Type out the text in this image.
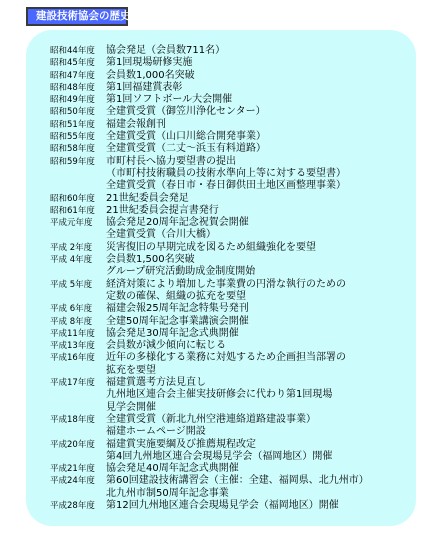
建設技術協会の歴史
昭和44年度	協会発足（会員数711名）
昭和45年度	第1回現場研修実施
昭和47年度	会員数1,000名突破
昭和48年度	第1回福建賞表彰
昭和49年度	第1回ソフトボール大会開催
昭和50年度	全建賞受賞（御笠川浄化センター）
昭和51年度	福建会報創刊
昭和55年度	全建賞受賞（山口川総合開発事業）
昭和58年度	全建賞受賞（二丈〜浜玉有料道路）
昭和59年度	市町村長へ協力要望書の提出
（市町村技術職員の技術水準向上等に対する要望書）
全建賞受賞（春日市・春日御供田土地区画整理事業）
昭和60年度	21世紀委員会発足
昭和61年度	21世紀委員会提言書発行
平成元年度	協会発足20周年記念祝賀会開催
全建賞受賞（合川大橋）
平成 2年度	災害復旧の早期完成を図るため組織強化を要望
平成 4年度	会員数1,500名突破
グループ研究活動助成金制度開始
平成 5年度	経済対策により増加した事業費の円滑な執行のための
定数の確保、組織の拡充を要望
平成 6年度	福建会報25周年記念特集号発刊
平成 8年度	全建50周年記念事業講演会開催
平成11年度	協会発足30周年記念式典開催
平成13年度	会員数が減少傾向に転じる
平成16年度	近年の多様化する業務に対処するため企画担当部署の
拡充を要望
平成17年度	福建賞選考方法見直し
九州地区連合会主催実技研修会に代わり第1回現場
見学会開催
平成18年度	全建賞受賞（新北九州空港連絡道路建設事業）
福建ホームページ開設
平成20年度	福建賞実施要綱及び推薦規程改定
第4回九州地区連合会現場見学会（福岡地区）開催
平成21年度	協会発足40周年記念式典開催
平成24年度	第60回建設技術講習会（主催：全建、福岡県、北九州市）
北九州市制50周年記念事業
平成28年度	第12回九州地区連合会現場見学会（福岡地区）開催
